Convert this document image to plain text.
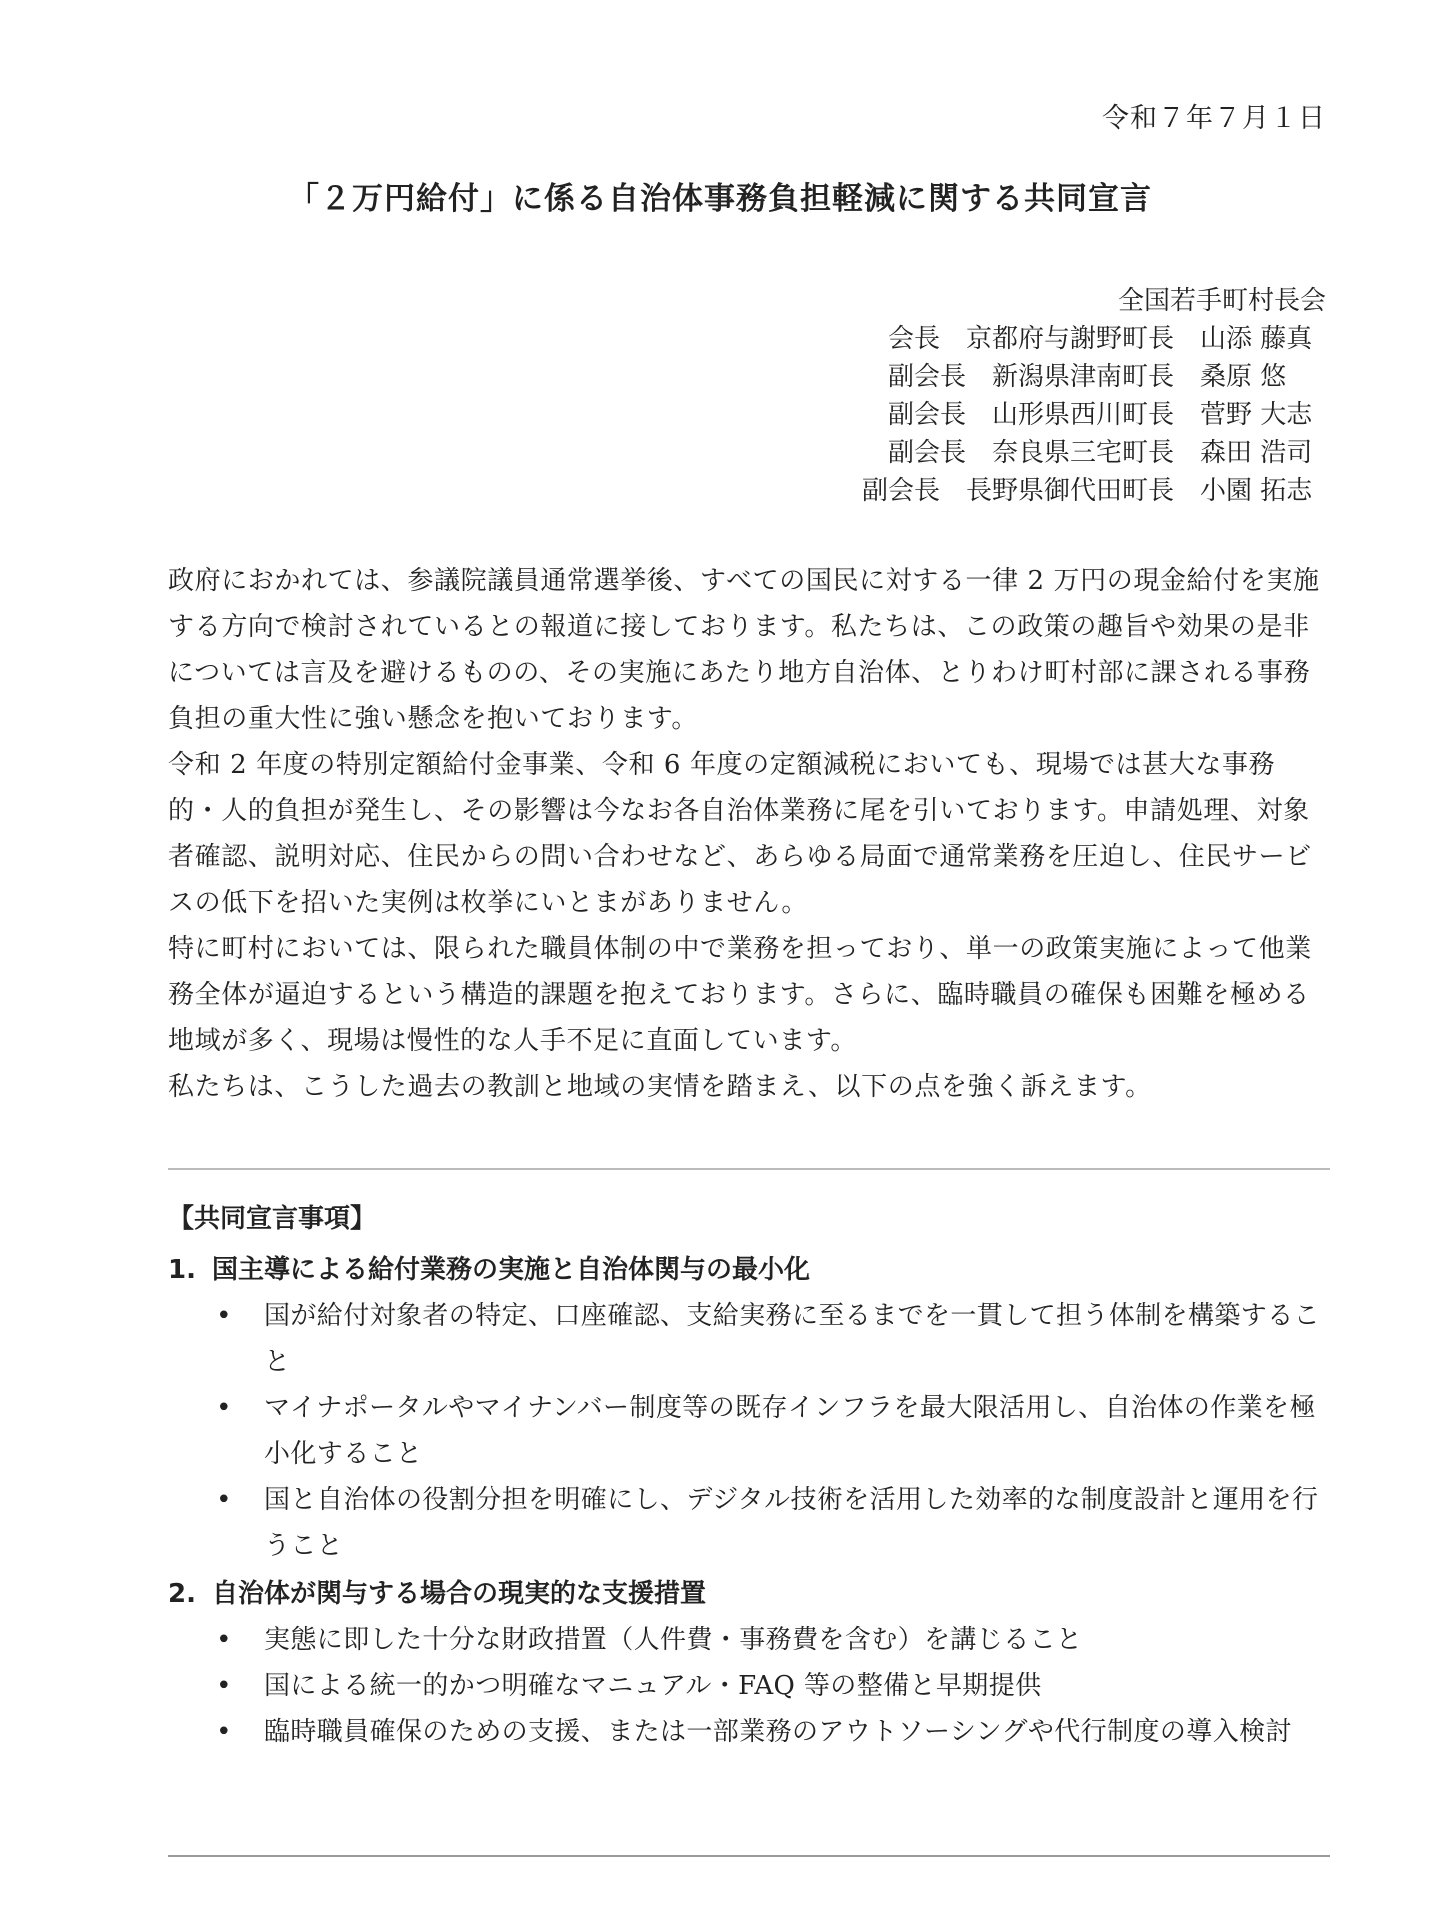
令和７年７月１日
「２万円給付」に係る自治体事務負担軽減に関する共同宣言
全国若手町村長会
会長 京都府与謝野町長 山添 藤真
副会長 新潟県津南町長 桑原 悠
副会長 山形県西川町長 菅野 大志
副会長 奈良県三宅町長 森田 浩司
副会長 長野県御代田町長 小園 拓志

政府におかれては、参議院議員通常選挙後、すべての国民に対する一律 2 万円の現金給付を実施する方向で検討されているとの報道に接しております。私たちは、この政策の趣旨や効果の是非については言及を避けるものの、その実施にあたり地方自治体、とりわけ町村部に課される事務負担の重大性に強い懸念を抱いております。

令和 2 年度の特別定額給付金事業、令和 6 年度の定額減税においても、現場では甚大な事務的・人的負担が発生し、その影響は今なお各自治体業務に尾を引いております。申請処理、対象者確認、説明対応、住民からの問い合わせなど、あらゆる局面で通常業務を圧迫し、住民サービスの低下を招いた実例は枚挙にいとまがありません。

特に町村においては、限られた職員体制の中で業務を担っており、単一の政策実施によって他業務全体が逼迫するという構造的課題を抱えております。さらに、臨時職員の確保も困難を極める地域が多く、現場は慢性的な人手不足に直面しています。

私たちは、こうした過去の教訓と地域の実情を踏まえ、以下の点を強く訴えます。

【共同宣言事項】
1. 国主導による給付業務の実施と自治体関与の最小化
• 国が給付対象者の特定、口座確認、支給実務に至るまでを一貫して担う体制を構築すること
• マイナポータルやマイナンバー制度等の既存インフラを最大限活用し、自治体の作業を極小化すること
• 国と自治体の役割分担を明確にし、デジタル技術を活用した効率的な制度設計と運用を行うこと
2. 自治体が関与する場合の現実的な支援措置
• 実態に即した十分な財政措置（人件費・事務費を含む）を講じること
• 国による統一的かつ明確なマニュアル・FAQ 等の整備と早期提供
• 臨時職員確保のための支援、または一部業務のアウトソーシングや代行制度の導入検討
